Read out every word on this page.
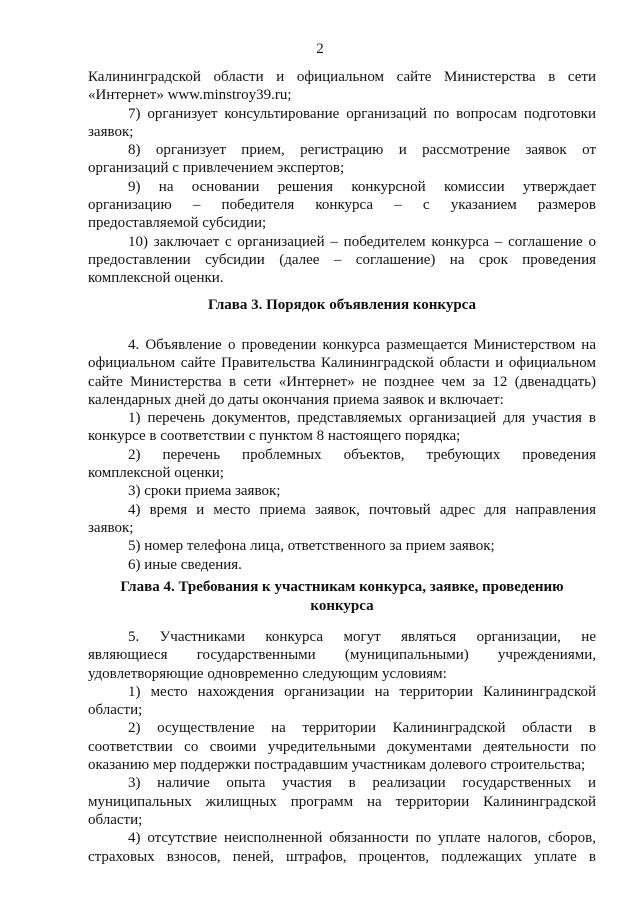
2
Калининградской области и официальном сайте Министерства в сети
«Интернет» www.minstroy39.ru;
7) организует консультирование организаций по вопросам подготовки
заявок;
8) организует прием, регистрацию и рассмотрение заявок от
организаций с привлечением экспертов;
9) на основании решения конкурсной комиссии утверждает
организацию – победителя конкурса – с указанием размеров
предоставляемой субсидии;
10) заключает с организацией – победителем конкурса – соглашение о
предоставлении субсидии (далее – соглашение) на срок проведения
комплексной оценки.
Глава 3. Порядок объявления конкурса
4. Объявление о проведении конкурса размещается Министерством на
официальном сайте Правительства Калининградской области и официальном
сайте Министерства в сети «Интернет» не позднее чем за 12 (двенадцать)
календарных дней до даты окончания приема заявок и включает:
1) перечень документов, представляемых организацией для участия в
конкурсе в соответствии с пунктом 8 настоящего порядка;
2) перечень проблемных объектов, требующих проведения
комплексной оценки;
3) сроки приема заявок;
4) время и место приема заявок, почтовый адрес для направления
заявок;
5) номер телефона лица, ответственного за прием заявок;
6) иные сведения.
Глава 4. Требования к участникам конкурса, заявке, проведению
конкурса
5. Участниками конкурса могут являться организации, не
являющиеся государственными (муниципальными) учреждениями,
удовлетворяющие одновременно следующим условиям:
1) место нахождения организации на территории Калининградской
области;
2) осуществление на территории Калининградской области в
соответствии со своими учредительными документами деятельности по
оказанию мер поддержки пострадавшим участникам долевого строительства;
3) наличие опыта участия в реализации государственных и
муниципальных жилищных программ на территории Калининградской
области;
4) отсутствие неисполненной обязанности по уплате налогов, сборов,
страховых взносов, пеней, штрафов, процентов, подлежащих уплате в
